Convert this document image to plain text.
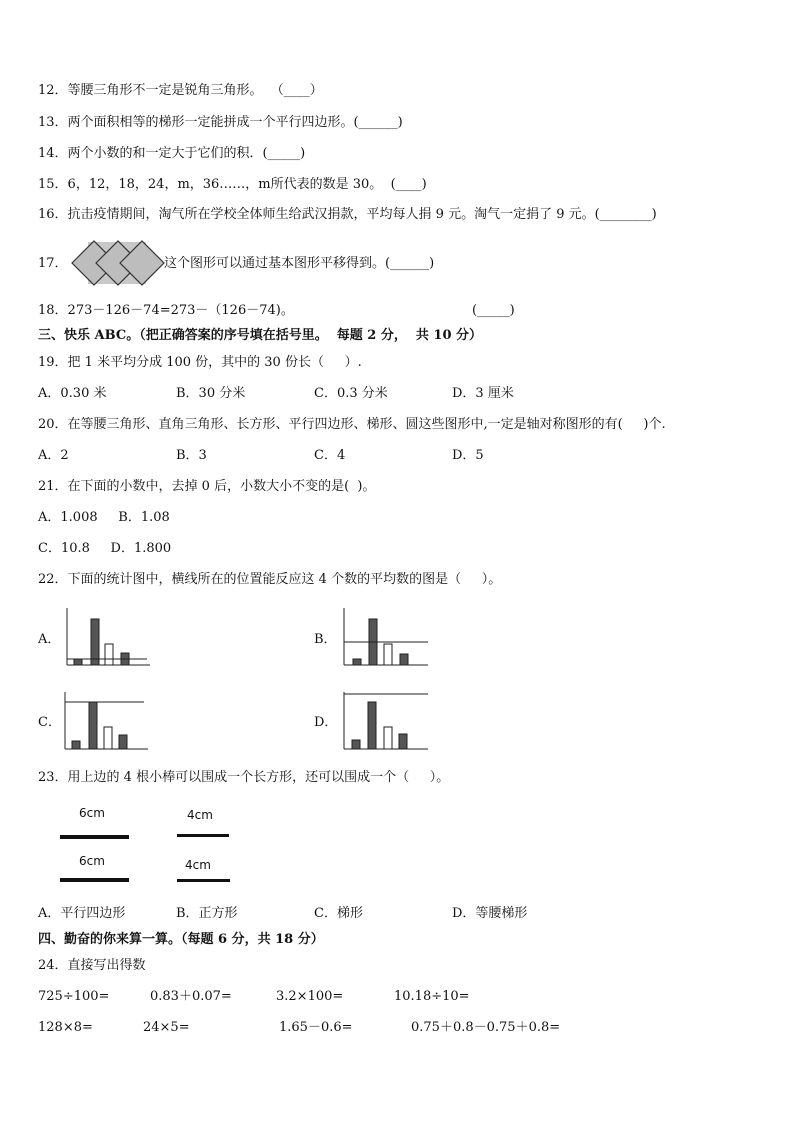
12．等腰三角形不一定是锐角三角形。  （____）
13．两个面积相等的梯形一定能拼成一个平行四边形。(______)
14．两个小数的和一定大于它们的积．(_____)
15．6，12，18，24，m，36……，m所代表的数是 30。  (____)
16．抗击疫情期间，淘气所在学校全体师生给武汉捐款，平均每人捐 9 元。淘气一定捐了 9 元。(________)
17．	这个图形可以通过基本图形平移得到。(______)
18．273－126－74=273－（126－74)。	(_____)
三、快乐 ABC。（把正确答案的序号填在括号里。  每题 2 分，  共 10 分）
19．把 1 米平均分成 100 份，其中的 30 份长（     ）.
A．0.30 米	B．30 分米	C．0.3 分米	D．3 厘米
20．在等腰三角形、直角三角形、长方形、平行四边形、梯形、圆这些图形中,一定是轴对称图形的有(     )个.
A．2	B．3	C．4	D．5
21．在下面的小数中，去掉 0 后，小数大小不变的是(  )。
A．1.008     B．1.08
C．10.8     D．1.800
22．下面的统计图中，横线所在的位置能反应这 4 个数的平均数的图是（     ）。
A．	B．
C．	D．
23．用上边的 4 根小棒可以围成一个长方形，还可以围成一个（     ）。
6cm	4cm
6cm	4cm
A．平行四边形	B．正方形	C．梯形	D．等腰梯形
四、勤奋的你来算一算。（每题 6 分，共 18 分）
24．直接写出得数
725÷100=	0.83＋0.07=	3.2×100=	10.18÷10=
128×8=	24×5=	1.65－0.6=	0.75＋0.8－0.75＋0.8=
